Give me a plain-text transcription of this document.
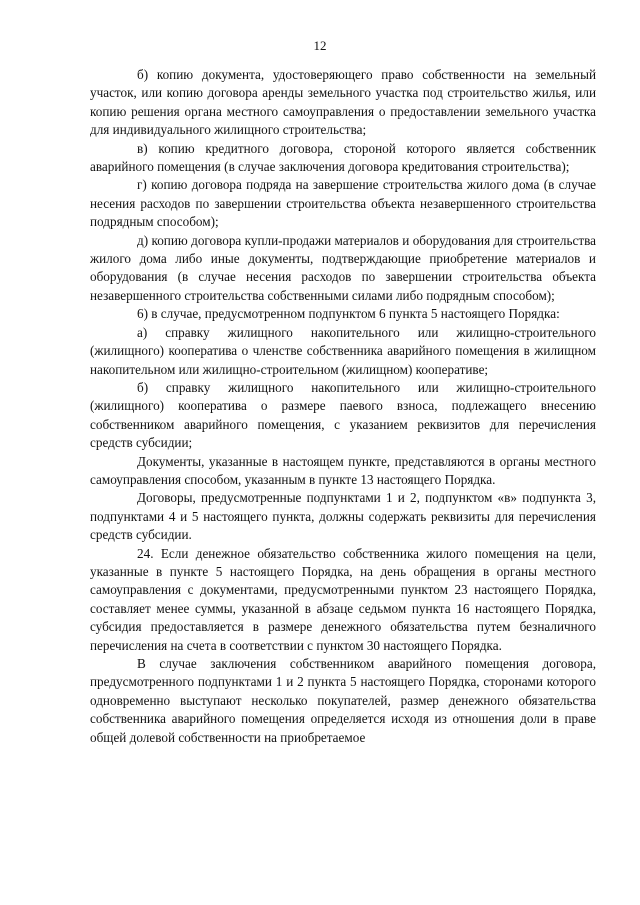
12

б) копию документа, удостоверяющего право собственности на земельный участок, или копию договора аренды земельного участка под строительство жилья, или копию решения органа местного самоуправления о предоставлении земельного участка для индивидуального жилищного строительства;

в) копию кредитного договора, стороной которого является собственник аварийного помещения (в случае заключения договора кредитования строительства);

г) копию договора подряда на завершение строительства жилого дома (в случае несения расходов по завершении строительства объекта незавершенного строительства подрядным способом);

д) копию договора купли-продажи материалов и оборудования для строительства жилого дома либо иные документы, подтверждающие приобретение материалов и оборудования (в случае несения расходов по завершении строительства объекта незавершенного строительства собственными силами либо подрядным способом);

6) в случае, предусмотренном подпунктом 6 пункта 5 настоящего Порядка:

а) справку жилищного накопительного или жилищно-строительного (жилищного) кооператива о членстве собственника аварийного помещения в жилищном накопительном или жилищно-строительном (жилищном) кооперативе;

б) справку жилищного накопительного или жилищно-строительного (жилищного) кооператива о размере паевого взноса, подлежащего внесению собственником аварийного помещения, с указанием реквизитов для перечисления средств субсидии;

Документы, указанные в настоящем пункте, представляются в органы местного самоуправления способом, указанным в пункте 13 настоящего Порядка.

Договоры, предусмотренные подпунктами 1 и 2, подпунктом «в» подпункта 3, подпунктами 4 и 5 настоящего пункта, должны содержать реквизиты для перечисления средств субсидии.

24. Если денежное обязательство собственника жилого помещения на цели, указанные в пункте 5 настоящего Порядка, на день обращения в органы местного самоуправления с документами, предусмотренными пунктом 23 настоящего Порядка, составляет менее суммы, указанной в абзаце седьмом пункта 16 настоящего Порядка, субсидия предоставляется в размере денежного обязательства путем безналичного перечисления на счета в соответствии с пунктом 30 настоящего Порядка.

В случае заключения собственником аварийного помещения договора, предусмотренного подпунктами 1 и 2 пункта 5 настоящего Порядка, сторонами которого одновременно выступают несколько покупателей, размер денежного обязательства собственника аварийного помещения определяется исходя из отношения доли в праве общей долевой собственности на приобретаемое
